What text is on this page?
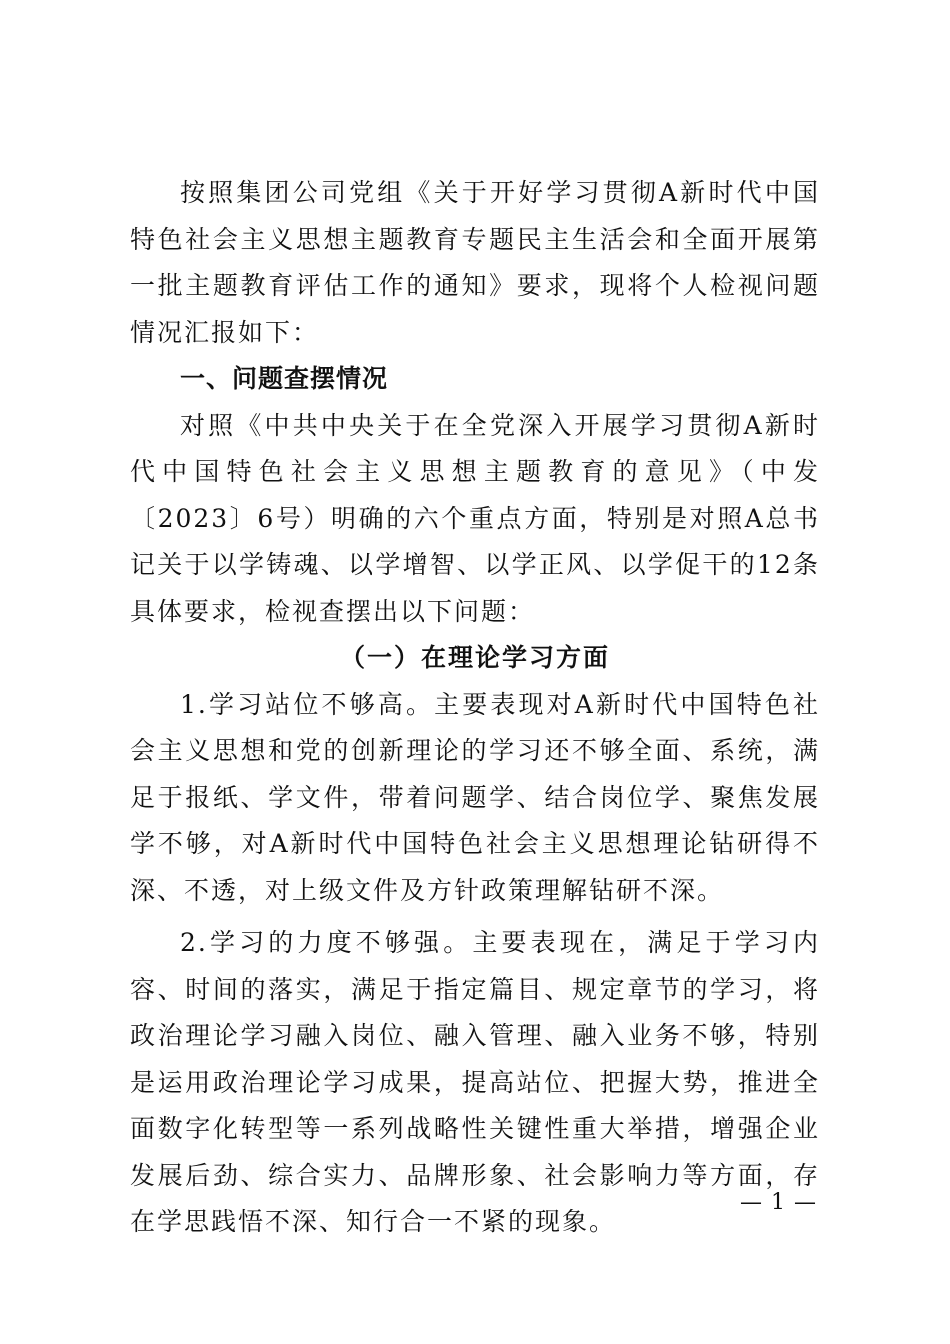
按照集团公司党组《关于开好学习贯彻A新时代中国特色社会主义思想主题教育专题民主生活会和全面开展第一批主题教育评估工作的通知》要求，现将个人检视问题情况汇报如下：

一、问题查摆情况

对照《中共中央关于在全党深入开展学习贯彻A新时代中国特色社会主义思想主题教育的意见》（中发〔2023〕6号）明确的六个重点方面，特别是对照A总书记关于以学铸魂、以学增智、以学正风、以学促干的12条具体要求，检视查摆出以下问题：

（一）在理论学习方面

1.学习站位不够高。主要表现对A新时代中国特色社会主义思想和党的创新理论的学习还不够全面、系统，满足于报纸、学文件，带着问题学、结合岗位学、聚焦发展学不够，对A新时代中国特色社会主义思想理论钻研得不深、不透，对上级文件及方针政策理解钻研不深。

2.学习的力度不够强。主要表现在，满足于学习内容、时间的落实，满足于指定篇目、规定章节的学习，将政治理论学习融入岗位、融入管理、融入业务不够，特别是运用政治理论学习成果，提高站位、把握大势，推进全面数字化转型等一系列战略性关键性重大举措，增强企业发展后劲、综合实力、品牌形象、社会影响力等方面，存在学思践悟不深、知行合一不紧的现象。

— 1 —
